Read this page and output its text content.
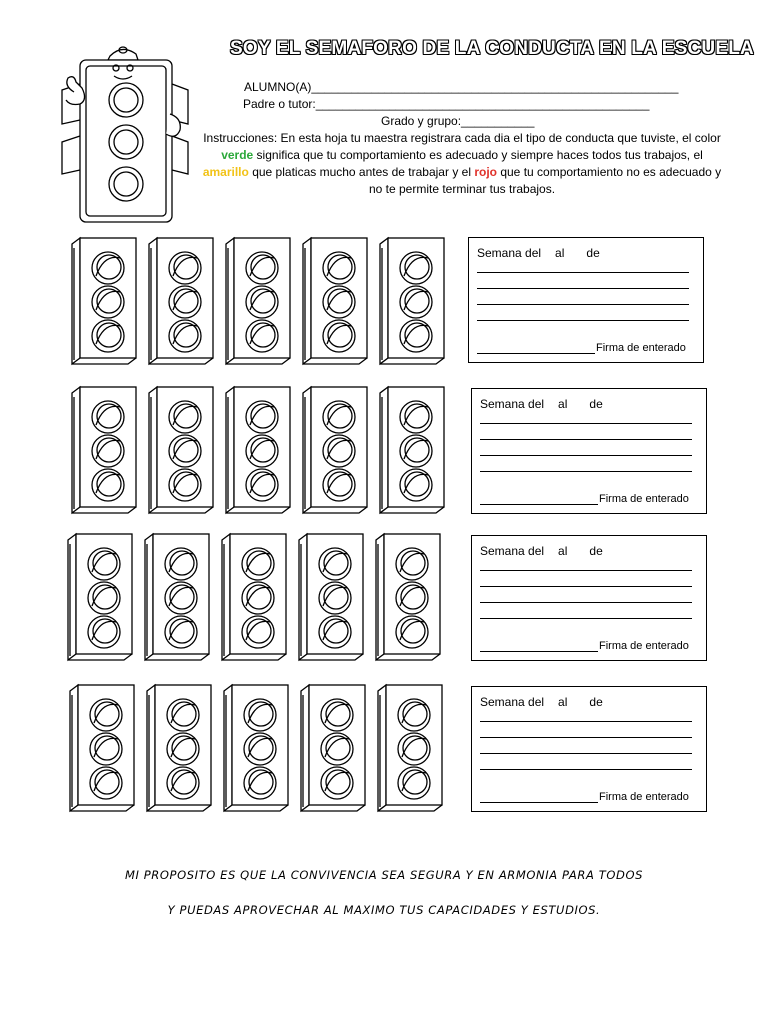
SOY EL SEMAFORO DE LA CONDUCTA EN LA ESCUELA
ALUMNO(A)_______________________________________________________
Padre o tutor:__________________________________________________
Grado y grupo:___________
Instrucciones: En esta hoja tu maestra registrara cada dia el tipo de conducta que tuviste, el color verde significa que tu comportamiento es adecuado y siempre haces todos tus trabajos, el amarillo que platicas mucho antes de trabajar y el rojo que tu comportamiento no es adecuado y no te permite terminar tus trabajos.
Semana del al de
Firma de enterado
Semana del al de
Firma de enterado
Semana del al de
Firma de enterado
Semana del al de
Firma de enterado
MI PROPOSITO ES QUE LA CONVIVENCIA SEA SEGURA Y EN ARMONIA PARA TODOS
Y PUEDAS APROVECHAR AL MAXIMO TUS CAPACIDADES Y ESTUDIOS.
